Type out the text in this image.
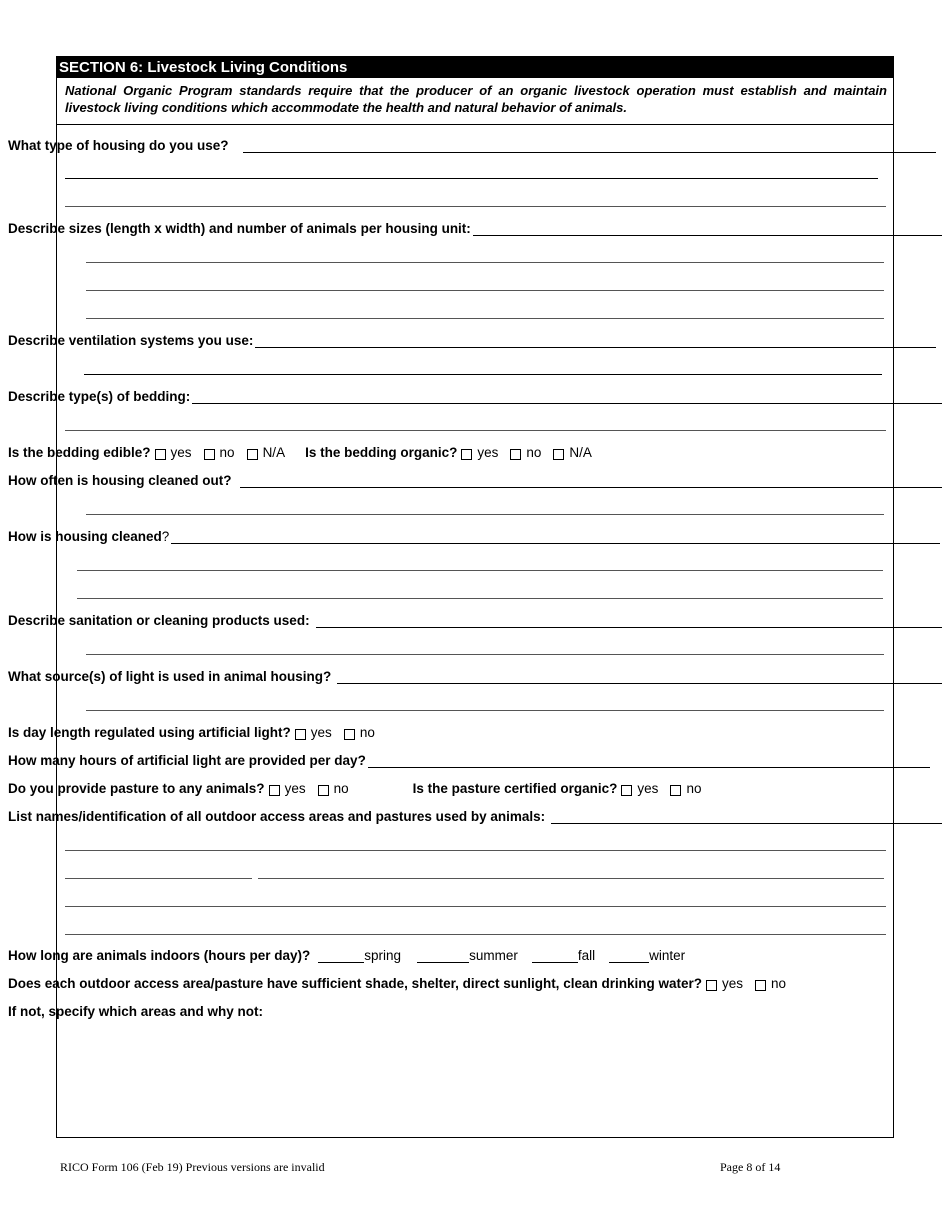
SECTION 6: Livestock Living Conditions
National Organic Program standards require that the producer of an organic livestock operation must establish and maintain livestock living conditions which accommodate the health and natural behavior of animals.
What type of housing do you use?
Describe sizes (length x width) and number of animals per housing unit:
Describe ventilation systems you use:
Describe type(s) of bedding:
Is the bedding edible? yes no N/A Is the bedding organic? yes no N/A
How often is housing cleaned out?
How is housing cleaned ?
Describe sanitation or cleaning products used:
What source(s) of light is used in animal housing?
Is day length regulated using artificial light? yes no
How many hours of artificial light are provided per day?
Do you provide pasture to any animals? yes no	Is the pasture certified organic? yes no
List names/identification of all outdoor access areas and pastures used by animals:
How long are animals indoors (hours per day)?	spring	summer	fall	winter
Does each outdoor access area/pasture have sufficient shade, shelter, direct sunlight, clean drinking water? yes no
If not, specify which areas and why not:
RICO Form 106 (Feb 19) Previous versions are invalid	Page 8 of 14
